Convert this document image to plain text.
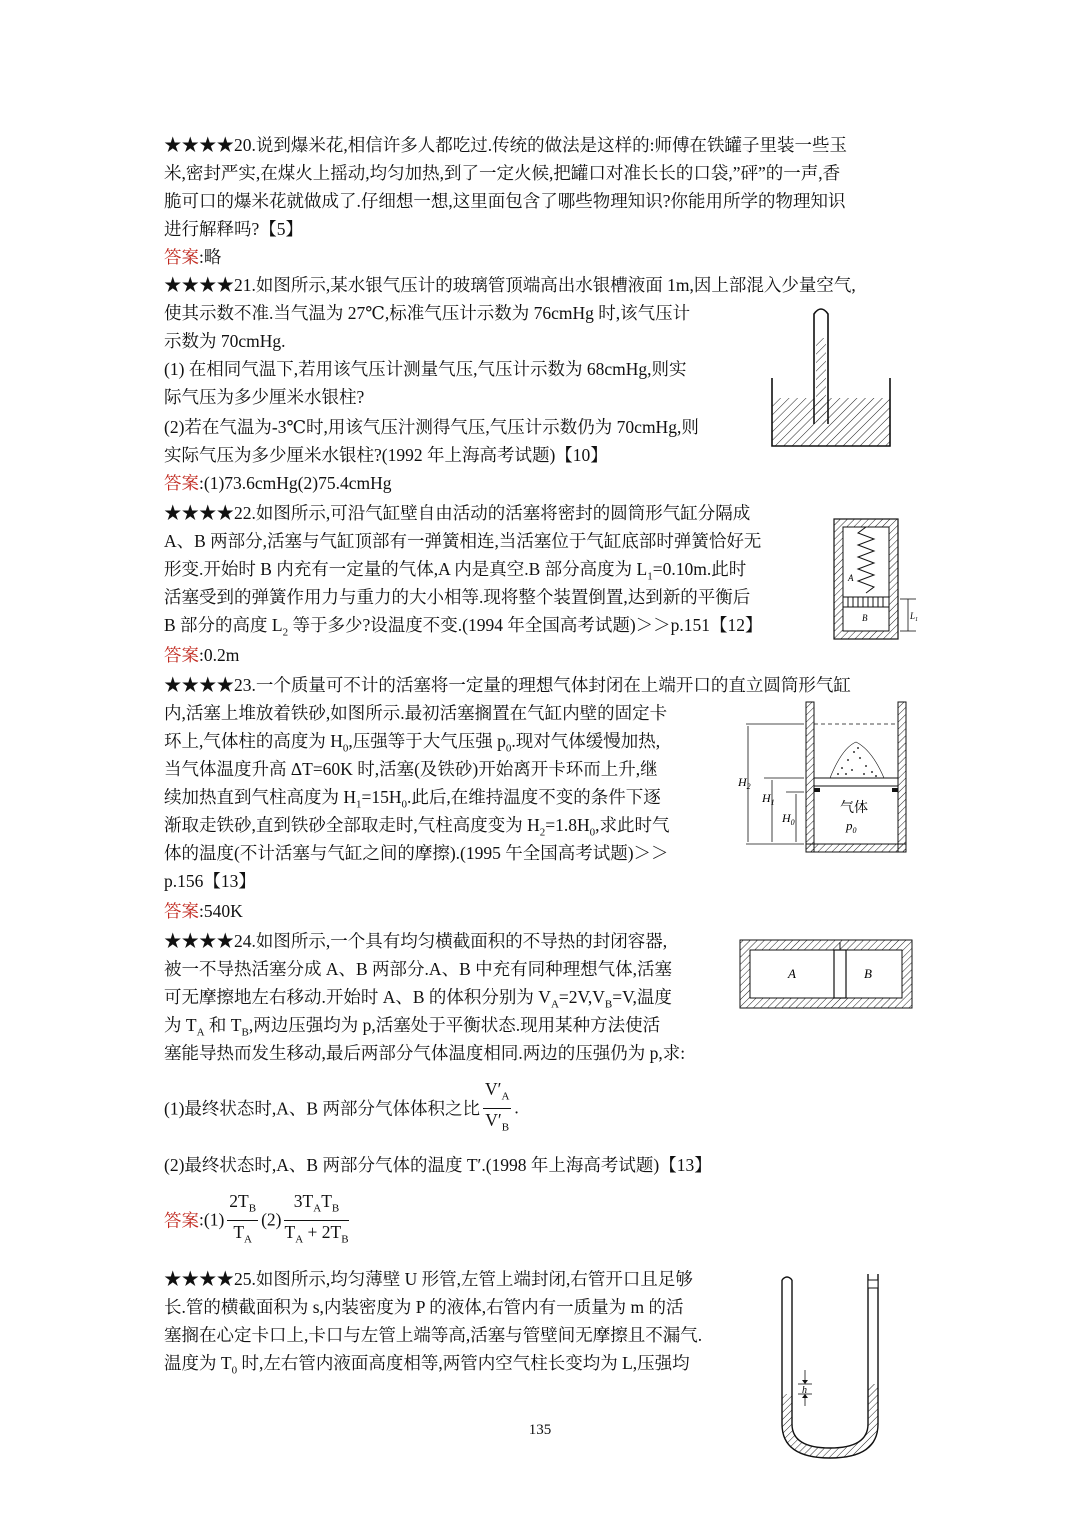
★★★★20.说到爆米花,相信许多人都吃过.传统的做法是这样的:师傅在铁罐子里装一些玉
米,密封严实,在煤火上摇动,均匀加热,到了一定火候,把罐口对准长长的口袋,”砰”的一声,香
脆可口的爆米花就做成了.仔细想一想,这里面包含了哪些物理知识?你能用所学的物理知识
进行解释吗?【5】
答案:略
★★★★21.如图所示,某水银气压计的玻璃管顶端高出水银槽液面 1m,因上部混入少量空气,
使其示数不准.当气温为 27℃,标准气压计示数为 76cmHg 时,该气压计
示数为 70cmHg.
(1) 在相同气温下,若用该气压计测量气压,气压计示数为 68cmHg,则实
际气压为多少厘米水银柱?
(2)若在气温为-3℃时,用该气压汁测得气压,气压计示数仍为 70cmHg,则
实际气压为多少厘米水银柱?(1992 年上海高考试题)【10】
答案:(1)73.6cmHg(2)75.4cmHg
★★★★22.如图所示,可沿气缸壁自由活动的活塞将密封的圆筒形气缸分隔成
A、B 两部分,活塞与气缸顶部有一弹簧相连,当活塞位于气缸底部时弹簧恰好无
形变.开始时 B 内充有一定量的气体,A 内是真空.B 部分高度为 $L_1=0.10m$.此时
活塞受到的弹簧作用力与重力的大小相等.现将整个装置倒置,达到新的平衡后
B 部分的高度 $L_2$ 等于多少?设温度不变.(1994 年全国高考试题)＞＞p.151【12】
答案:0.2m
A
B	$L_1$
★★★★23.一个质量可不计的活塞将一定量的理想气体封闭在上端开口的直立圆筒形气缸
内,活塞上堆放着铁砂,如图所示.最初活塞搁置在气缸内壁的固定卡
环上,气体柱的高度为 $H_0$,压强等于大气压强 $p_0$.现对气体缓慢加热,
当气体温度升高 ΔT=60K 时,活塞(及铁砂)开始离开卡环而上升,继
续加热直到气柱高度为 $H_1=15H_0$.此后,在维持温度不变的条件下逐
渐取走铁砂,直到铁砂全部取走时,气柱高度变为 $H_2=1.8H_0$,求此时气
体的温度(不计活塞与气缸之间的摩擦).(1995 午全国高考试题)＞＞
p.156【13】
答案:540K
气体
$p_0$
$H_2$
$H_1$
$H_0$
★★★★24.如图所示,一个具有均匀横截面积的不导热的封闭容器,
被一不导热活塞分成 A、B 两部分.A、B 中充有同种理想气体,活塞
可无摩擦地左右移动.开始时 A、B 的体积分别为 $V_A=2V,V_B=V$,温度
为 $T_A$ 和 $T_B$,两边压强均为 p,活塞处于平衡状态.现用某种方法使活
塞能导热而发生移动,最后两部分气体温度相同.两边的压强仍为 p,求:
(1)最终状态时,A、B 两部分气体体积之比 $\frac{V'_A}{V'_B}$ .
(2)最终状态时,A、B 两部分气体的温度 T′.(1998 年上海高考试题)【13】
答案:(1) $\frac{2T_B}{T_A} (2) \frac{3T_AT_B}{T_A + 2T_B}$
A	B
★★★★25.如图所示,均匀薄壁 U 形管,左管上端封闭,右管开口且足够
长.管的横截面积为 s,内装密度为 P 的液体,右管内有一质量为 m 的活
塞搁在心定卡口上,卡口与左管上端等高,活塞与管壁间无摩擦且不漏气.
温度为 $T_0$ 时,左右管内液面高度相等,两管内空气柱长变均为 L,压强均
h
135
